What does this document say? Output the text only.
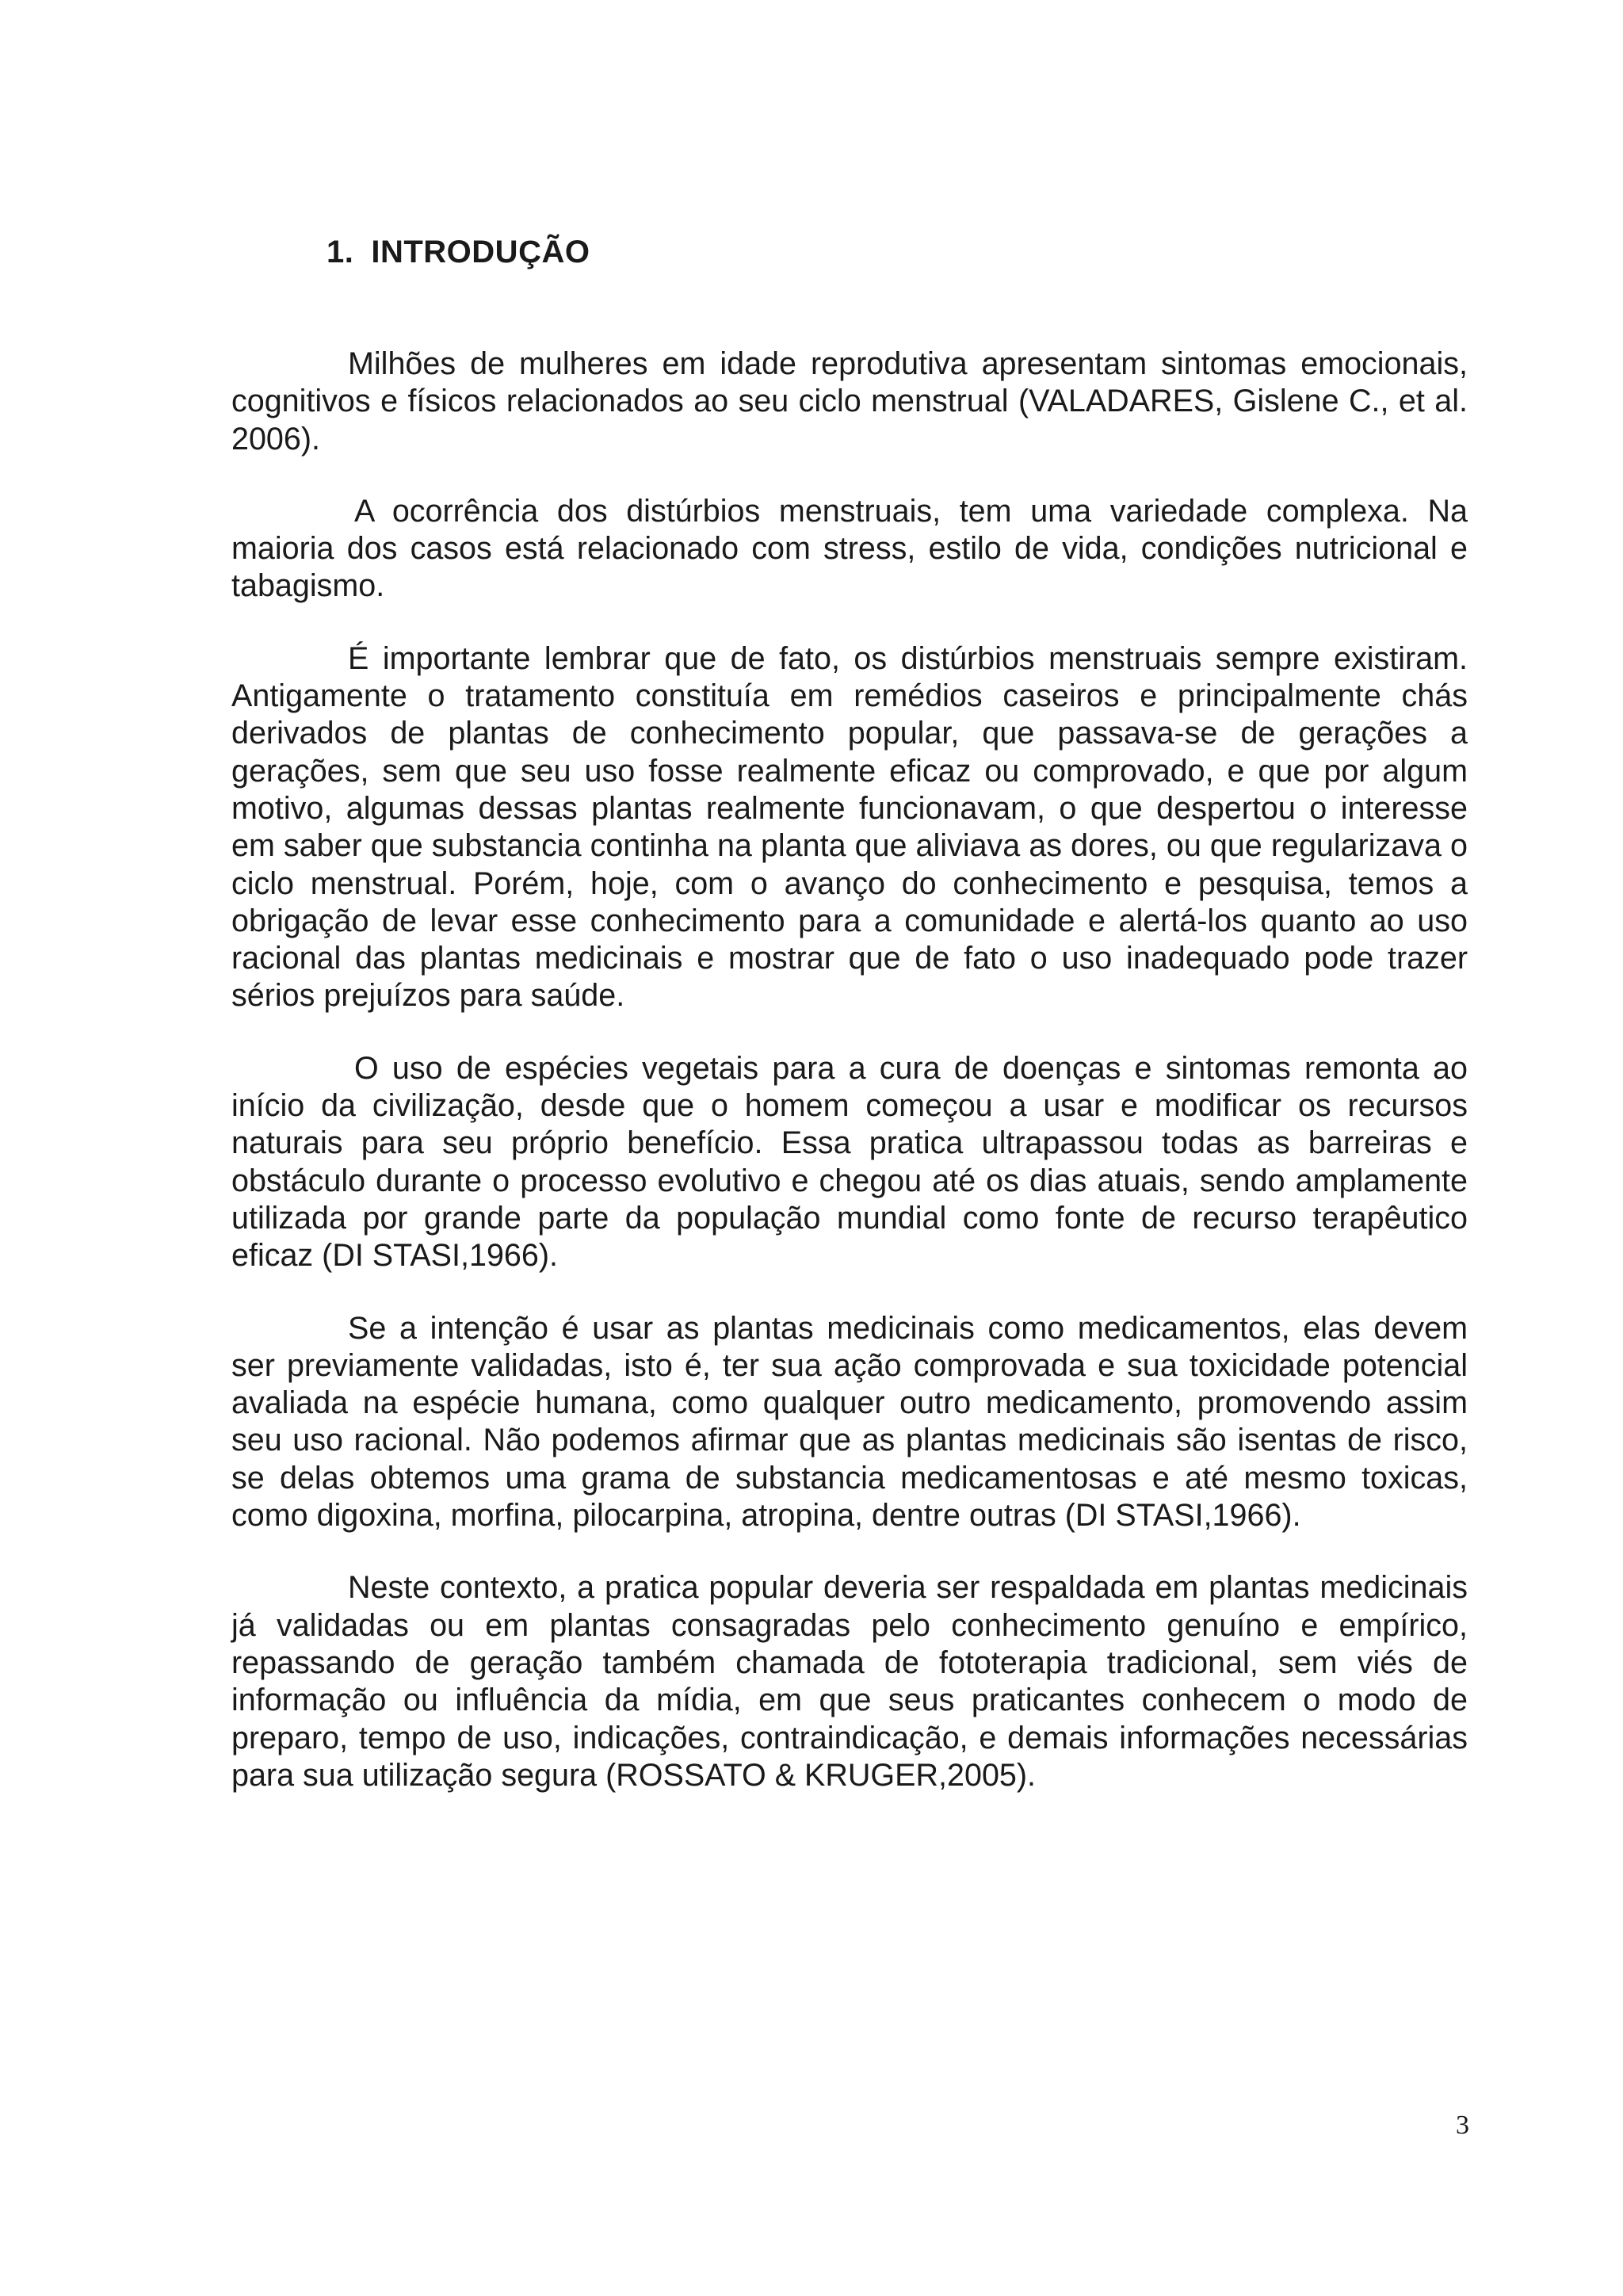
1. INTRODUÇÃO

Milhões de mulheres em idade reprodutiva apresentam sintomas emocionais, cognitivos e físicos relacionados ao seu ciclo menstrual (VALADARES, Gislene C., et al. 2006).

A ocorrência dos distúrbios menstruais, tem uma variedade complexa. Na maioria dos casos está relacionado com stress, estilo de vida, condições nutricional e tabagismo.

É importante lembrar que de fato, os distúrbios menstruais sempre existiram. Antigamente o tratamento constituía em remédios caseiros e principalmente chás derivados de plantas de conhecimento popular, que passava-se de gerações a gerações, sem que seu uso fosse realmente eficaz ou comprovado, e que por algum motivo, algumas dessas plantas realmente funcionavam, o que despertou o interesse em saber que substancia continha na planta que aliviava as dores, ou que regularizava o ciclo menstrual. Porém, hoje, com o avanço do conhecimento e pesquisa, temos a obrigação de levar esse conhecimento para a comunidade e alertá-los quanto ao uso racional das plantas medicinais e mostrar que de fato o uso inadequado pode trazer sérios prejuízos para saúde.

O uso de espécies vegetais para a cura de doenças e sintomas remonta ao início da civilização, desde que o homem começou a usar e modificar os recursos naturais para seu próprio benefício. Essa pratica ultrapassou todas as barreiras e obstáculo durante o processo evolutivo e chegou até os dias atuais, sendo amplamente utilizada por grande parte da população mundial como fonte de recurso terapêutico eficaz (DI STASI,1966).

Se a intenção é usar as plantas medicinais como medicamentos, elas devem ser previamente validadas, isto é, ter sua ação comprovada e sua toxicidade potencial avaliada na espécie humana, como qualquer outro medicamento, promovendo assim seu uso racional. Não podemos afirmar que as plantas medicinais são isentas de risco, se delas obtemos uma grama de substancia medicamentosas e até mesmo toxicas, como digoxina, morfina, pilocarpina, atropina, dentre outras (DI STASI,1966).

Neste contexto, a pratica popular deveria ser respaldada em plantas medicinais já validadas ou em plantas consagradas pelo conhecimento genuíno e empírico, repassando de geração também chamada de fototerapia tradicional, sem viés de informação ou influência da mídia, em que seus praticantes conhecem o modo de preparo, tempo de uso, indicações, contraindicação, e demais informações necessárias para sua utilização segura (ROSSATO & KRUGER,2005).

3
